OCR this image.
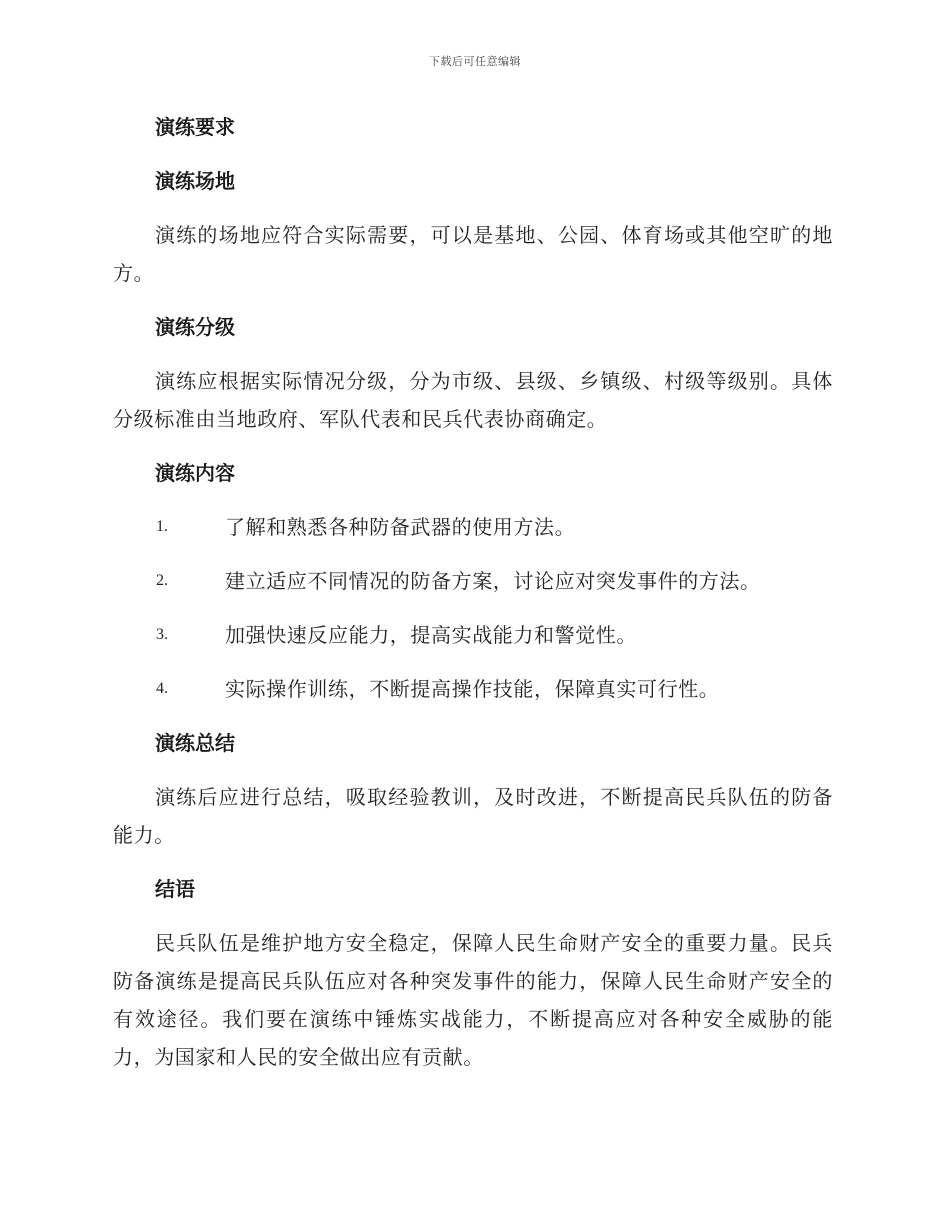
下载后可任意编辑
演练要求
演练场地
演练的场地应符合实际需要，可以是基地、公园、体育场或其他空旷的地方。
演练分级
演练应根据实际情况分级，分为市级、县级、乡镇级、村级等级别。具体分级标准由当地政府、军队代表和民兵代表协商确定。
演练内容
1.	了解和熟悉各种防备武器的使用方法。
2.	建立适应不同情况的防备方案，讨论应对突发事件的方法。
3.	加强快速反应能力，提高实战能力和警觉性。
4.	实际操作训练，不断提高操作技能，保障真实可行性。
演练总结
演练后应进行总结，吸取经验教训，及时改进，不断提高民兵队伍的防备能力。
结语
民兵队伍是维护地方安全稳定，保障人民生命财产安全的重要力量。民兵防备演练是提高民兵队伍应对各种突发事件的能力，保障人民生命财产安全的有效途径。我们要在演练中锤炼实战能力，不断提高应对各种安全威胁的能力，为国家和人民的安全做出应有贡献。
